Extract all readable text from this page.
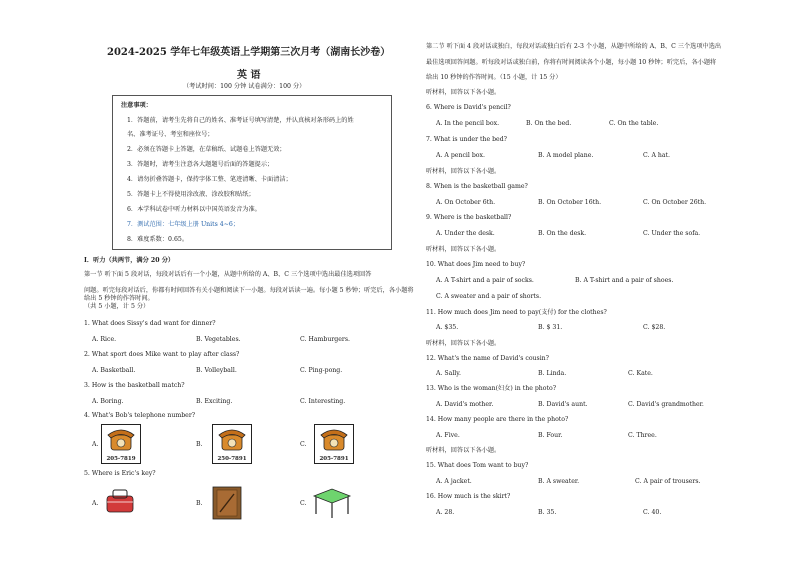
2024-2025 学年七年级英语上学期第三次月考（湖南长沙卷）
英 语
（考试时间：100 分钟 试卷满分：100 分）
注意事项：
1．答题前，请考生先将自己的姓名、准考证号填写清楚，并认真核对条形码上的姓
名、准考证号、考室和座位号；
2．必须在答题卡上答题，在草稿纸、试题卷上答题无效；
3．答题时，请考生注意各大题题号后面的答题提示；
4．请勿折叠答题卡，保持字体工整、笔迹清晰、卡面清洁；
5．答题卡上不得使用涂改液、涂改胶和贴纸；
6．本学科试卷中听力材料以中国英语发音为准。
7．测试范围：七年级上册 Units 4~6；
8．难度系数：0.65。
I．听力（共两节，满分 20 分）
第一节 听下面 5 段对话，每段对话后有一个小题，从题中所给的 A、B、C 三个选项中选出最佳选项回答
问题。听完每段对话后，你都有时间回答有关小题和阅读下一小题。每段对话读一遍。每小题 5 秒钟；听完后，各小题将给出 5 秒钟的作答时间。
（共 5 小题，计 5 分）
1. What does Sissy's dad want for dinner?
A. Rice.	B. Vegetables.	C. Hamburgers.
2. What sport does Mike want to play after class?
A. Basketball.	B. Volleyball.	C. Ping-pong.
3. How is the basketball match?
A. Boring.	B. Exciting.	C. Interesting.
4. What's Bob's telephone number?
A.
205-7819
B.
250-7891
C.
205-7891
5. Where is Eric's key?
A.	B.	C.
第二节 听下面 4 段对话或独白，每段对话或独白后有 2-3 个小题，从题中所给的 A、B、C 三个选项中选出
最佳选项回答问题。听每段对话或独白前，你将有时间阅读各个小题，每小题 10 秒钟；听完后，各小题将
给出 10 秒钟的作答时间。（15 小题，计 15 分）
听材料，回答以下各小题。
6. Where is David's pencil?
A. In the pencil box.	B. On the bed.	C. On the table.
7. What is under the bed?
A. A pencil box.	B. A model plane.	C. A hat.
听材料，回答以下各小题。
8. When is the basketball game?
A. On October 6th.	B. On October 16th.	C. On October 26th.
9. Where is the basketball?
A. Under the desk.	B. On the desk.	C. Under the sofa.
听材料，回答以下各小题。
10. What does Jim need to buy?
A. A T-shirt and a pair of socks.	B. A T-shirt and a pair of shoes.
C. A sweater and a pair of shorts.
11. How much does Jim need to pay(支付) for the clothes?
A. $35.	B. $ 31.	C. $28.
听材料，回答以下各小题。
12. What's the name of David's cousin?
A. Sally.	B. Linda.	C. Kate.
13. Who is the woman(妇女) in the photo?
A. David's mother.	B. David's aunt.	C. David's grandmother.
14. How many people are there in the photo?
A. Five.	B. Four.	C. Three.
听材料，回答以下各小题。
15. What does Tom want to buy?
A. A jacket.	B. A sweater.	C. A pair of trousers.
16. How much is the skirt?
A. 28.	B. 35.	C. 40.
